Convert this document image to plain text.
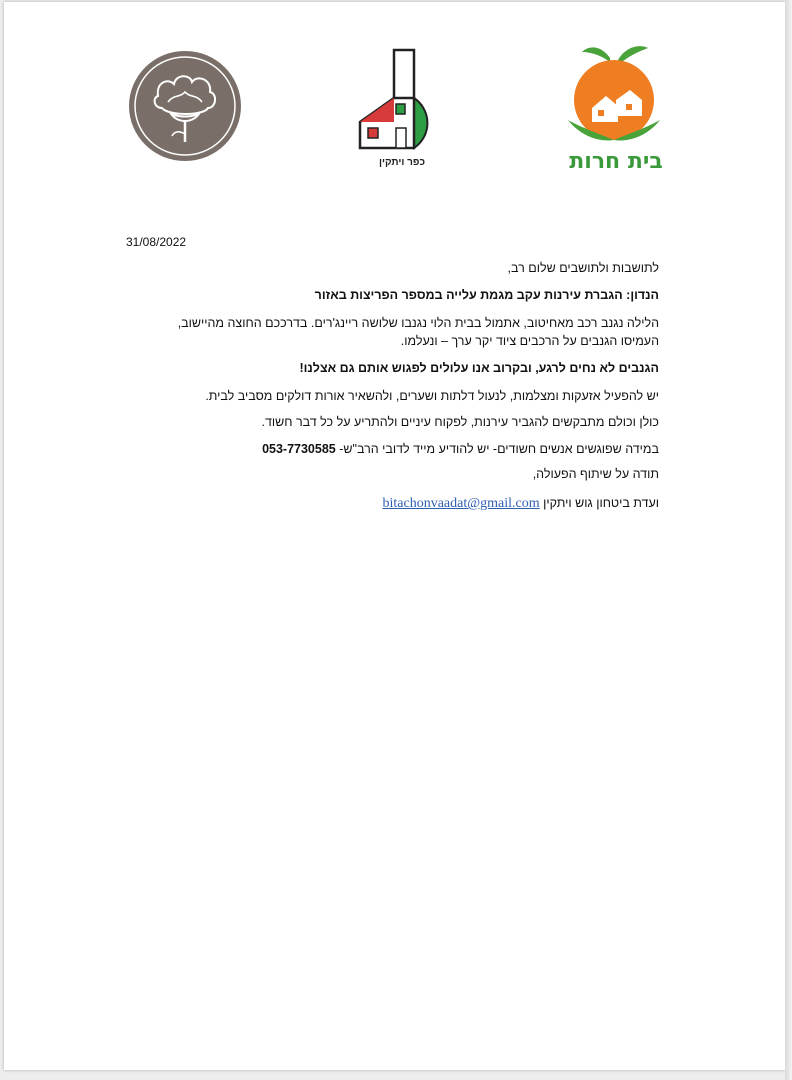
כפר ויתקין	בית חרות
31/08/2022
לתושבות ולתושבים שלום רב,
הנדון: הגברת עירנות עקב מגמת עלייה במספר הפריצות באזור
הלילה נגנב רכב מאחיטוב, אתמול בבית הלוי נגנבו שלושה ריינג'רים. בדרככם החוצה מהיישוב,
העמיסו הגנבים על הרכבים ציוד יקר ערך – ונעלמו.
הגנבים לא נחים לרגע, ובקרוב אנו עלולים לפגוש אותם גם אצלנו!
יש להפעיל אזעקות ומצלמות, לנעול דלתות ושערים, ולהשאיר אורות דולקים מסביב לבית.
כולן וכולם מתבקשים להגביר עירנות, לפקוח עיניים ולהתריע על כל דבר חשוד.
במידה שפוגשים אנשים חשודים- יש להודיע מייד לדובי הרב"ש- 053-7730585
תודה על שיתוף הפעולה,
ועדת ביטחון גוש ויתקין bitachonvaadat@gmail.com
